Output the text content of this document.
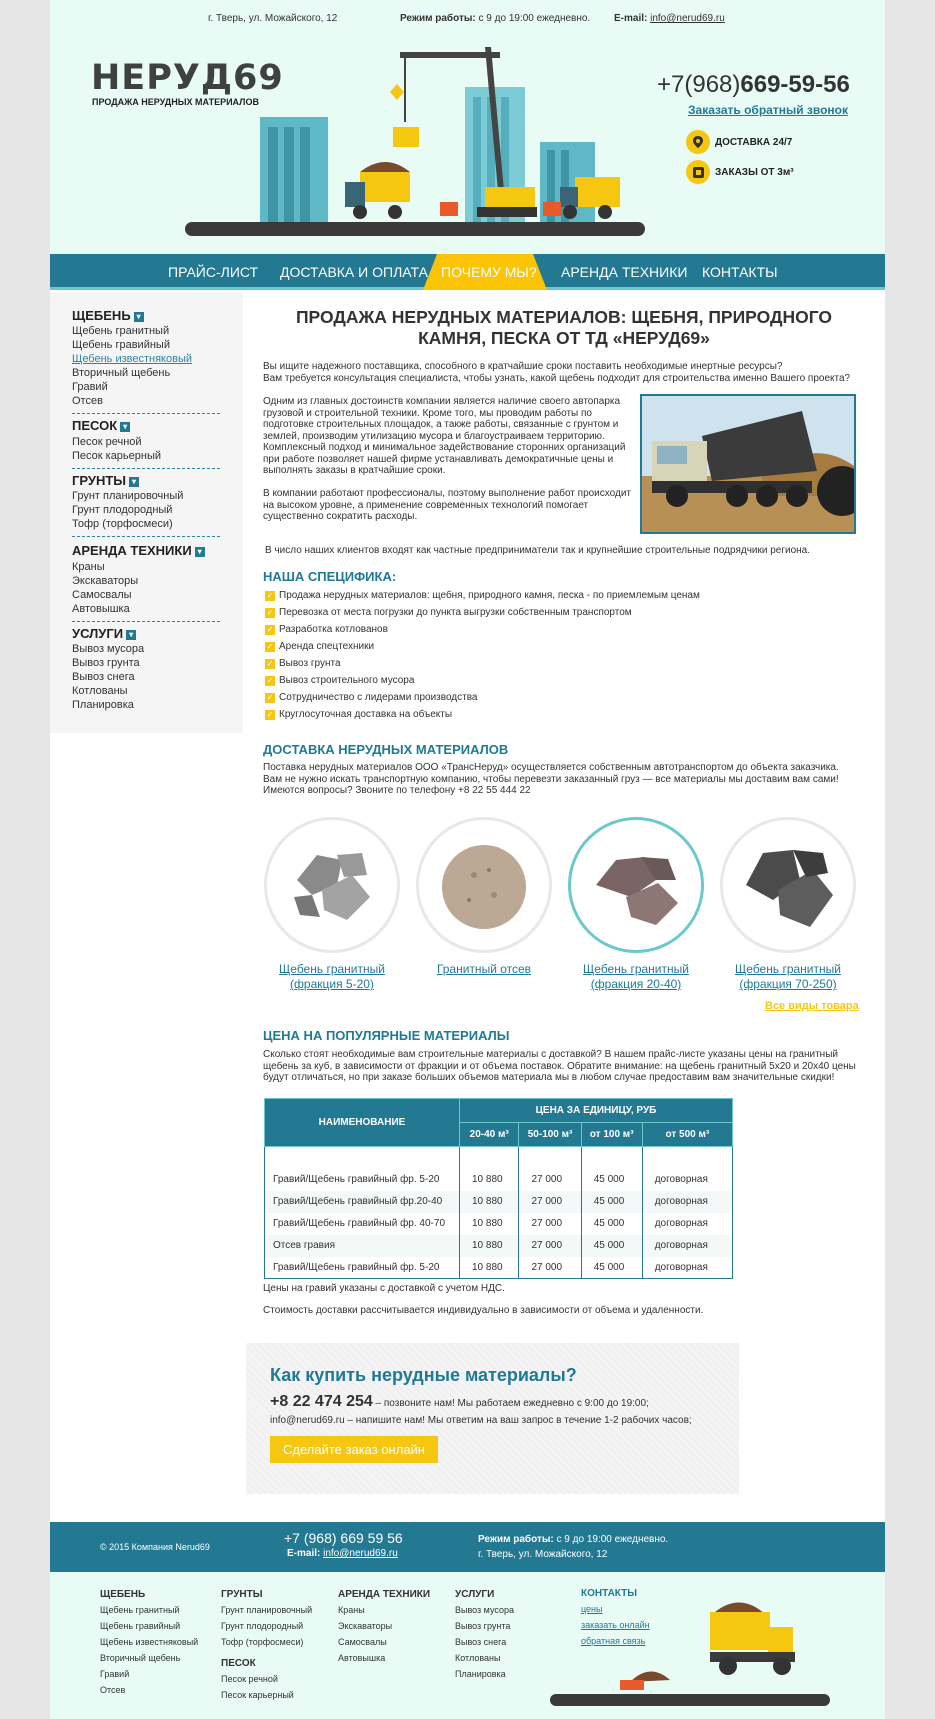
г. Тверь, ул. Можайского, 12	Режим работы: с 9 до 19:00 ежедневно. E-mail: info@nerud69.ru
НЕРУД69
ПРОДАЖА НЕРУДНЫХ МАТЕРИАЛОВ
+7(968)669-59-56
Заказать обратный звонок
ДОСТАВКА 24/7
ЗАКАЗЫ ОТ 3м³
ПРАЙС-ЛИСТ ДОСТАВКА И ОПЛАТА ПОЧЕМУ МЫ? АРЕНДА ТЕХНИКИ КОНТАКТЫ
ЩЕБЕНЬ ▾
Щебень гранитный
Щебень гравийный
Щебень известняковый
Вторичный щебень
Гравий
Отсев
ПЕСОК ▾
Песок речной
Песок карьерный
ГРУНТЫ ▾
Грунт планировочный
Грунт плодородный
Тофр (торфосмеси)
АРЕНДА ТЕХНИКИ ▾
Краны
Экскаваторы
Самосвалы
Автовышка
УСЛУГИ ▾
Вывоз мусора
Вывоз грунта
Вывоз снега
Котлованы
Планировка
ПРОДАЖА НЕРУДНЫХ МАТЕРИАЛОВ: ЩЕБНЯ, ПРИРОДНОГО КАМНЯ, ПЕСКА ОТ ТД «НЕРУД69»
Вы ищите надежного поставщика, способного в кратчайшие сроки поставить необходимые инертные ресурсы?
Вам требуется консультация специалиста, чтобы узнать, какой щебень подходит для строительства именно Вашего проекта?
Одним из главных достоинств компании является наличие своего автопарка грузовой и строительной техники. Кроме того, мы проводим работы по подготовке строительных площадок, а также работы, связанные с грунтом и землей, производим утилизацию мусора и благоустраиваем территорию. Комплексный подход и минимальное задействование сторонних организаций при работе позволяет нашей фирме устанавливать демократичные цены и выполнять заказы в кратчайшие сроки.
В компании работают профессионалы, поэтому выполнение работ происходит на высоком уровне, а применение современных технологий помогает существенно сократить расходы.
В число наших клиентов входят как частные предприниматели так и крупнейшие строительные подрядчики региона.
НАША СПЕЦИФИКА:
✓ Продажа нерудных материалов: щебня, природного камня, песка - по приемлемым ценам
✓ Перевозка от места погрузки до пункта выгрузки собственным транспортом
✓ Разработка котлованов
✓ Аренда спецтехники
✓ Вывоз грунта
✓ Вывоз строительного мусора
✓ Сотрудничество с лидерами производства
✓ Круглосуточная доставка на объекты
ДОСТАВКА НЕРУДНЫХ МАТЕРИАЛОВ
Поставка нерудных материалов ООО «ТрансНеруд» осуществляется собственным автотранспортом до объекта заказчика.
Вам не нужно искать транспортную компанию, чтобы перевезти заказанный груз — все материалы мы доставим вам сами!
Имеются вопросы? Звоните по телефону +8 22 55 444 22
Щебень гранитный
(фракция 5-20)
Гранитный отсев	Щебень гранитный
(фракция 20-40)
Щебень гранитный
(фракция 70-250)
Все виды товара
ЦЕНА НА ПОПУЛЯРНЫЕ МАТЕРИАЛЫ
Сколько стоят необходимые вам строительные материалы с доставкой? В нашем прайс-листе указаны цены на гранитный щебень за куб, в зависимости от фракции и от объема поставок. Обратите внимание: на щебень гранитный 5х20 и 20х40 цены будут отличаться, но при заказе больших объемов материала мы в любом случае предоставим вам значительные скидки!
НАИМЕНОВАНИЕ	ЦЕНА ЗА ЕДИНИЦУ, РУБ			
	20-40 м³	50-100 м³	от 100 м³	от 500 м³

Гравий/Щебень гравийный фр. 5-20	10 880	27 000	45 000	договорная
Гравий/Щебень гравийный фр.20-40	10 880	27 000	45 000	договорная
Гравий/Щебень гравийный фр. 40-70	10 880	27 000	45 000	договорная
Отсев гравия	10 880	27 000	45 000	договорная
Гравий/Щебень гравийный фр. 5-20	10 880	27 000	45 000	договорная
Цены на гравий указаны с доставкой с учетом НДС.
Стоимость доставки рассчитывается индивидуально в зависимости от объема и удаленности.
Как купить нерудные материалы?
+8 22 474 254 – позвоните нам! Мы работаем ежедневно с 9:00 до 19:00;
info@nerud69.ru – напишите нам! Мы ответим на ваш запрос в течение 1-2 рабочих часов;
Сделайте заказ онлайн
© 2015 Компания Nerud69
+7 (968) 669 59 56
E-mail: info@nerud69.ru
Режим работы: с 9 до 19:00 ежедневно.
г. Тверь, ул. Можайского, 12
ЩЕБЕНЬ
Щебень гранитный
Щебень гравийный
Щебень известняковый
Вторичный щебень
Гравий
Отсев
ГРУНТЫ
Грунт планировочный
Грунт плодородный
Тофр (торфосмеси)
ПЕСОК
Песок речной
Песок карьерный
АРЕНДА ТЕХНИКИ
Краны
Экскаваторы
Самосвалы
Автовышка
УСЛУГИ
Вывоз мусора
Вывоз грунта
Вывоз снега
Котлованы
Планировка
КОНТАКТЫ
цены
заказать онлайн
обратная связь
